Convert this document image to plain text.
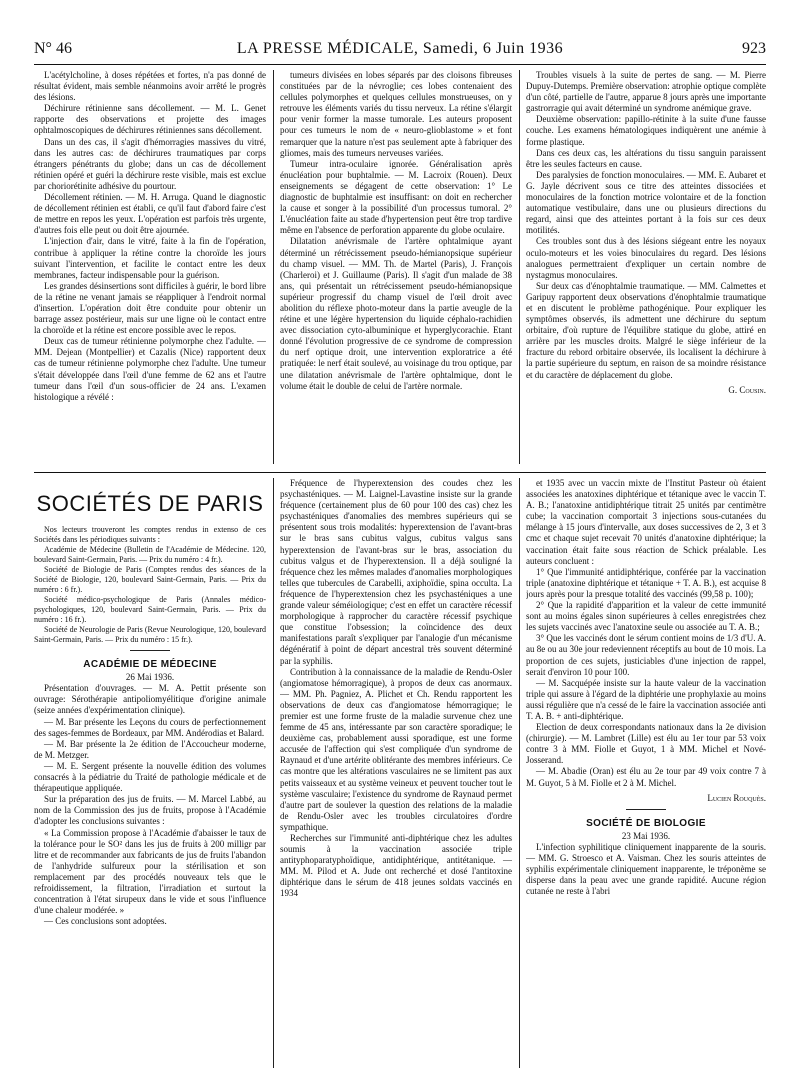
N° 46	LA PRESSE MÉDICALE, Samedi, 6 Juin 1936	923

L'acétylcholine, à doses répétées et fortes, n'a pas donné de résultat évident, mais semble néanmoins avoir arrêté le progrès des lésions.

Déchirure rétinienne sans décollement. — M. L. Genet rapporte des observations et projette des images ophtalmoscopiques de déchirures rétiniennes sans décollement.

Dans un des cas, il s'agit d'hémorragies massives du vitré, dans les autres cas: de déchirures traumatiques par corps étrangers pénétrants du globe; dans un cas de décollement rétinien opéré et guéri la déchirure reste visible, mais est exclue par choriorétinite adhésive du pourtour.

Décollement rétinien. — M. H. Arruga. Quand le diagnostic de décollement rétinien est établi, ce qu'il faut d'abord faire c'est de mettre en repos les yeux. L'opération est parfois très urgente, d'autres fois elle peut ou doit être ajournée.

L'injection d'air, dans le vitré, faite à la fin de l'opération, contribue à appliquer la rétine contre la choroïde les jours suivant l'intervention, et facilite le contact entre les deux membranes, facteur indispensable pour la guérison.

Les grandes désinsertions sont difficiles à guérir, le bord libre de la rétine ne venant jamais se réappliquer à l'endroit normal d'insertion. L'opération doit être conduite pour obtenir un barrage assez postérieur, mais sur une ligne où le contact entre la choroïde et la rétine est encore possible avec le repos.

Deux cas de tumeur rétinienne polymorphe chez l'adulte. — MM. Dejean (Montpellier) et Cazalis (Nice) rapportent deux cas de tumeur rétinienne polymorphe chez l'adulte. Une tumeur s'était développée dans l'œil d'une femme de 62 ans et l'autre tumeur dans l'œil d'un sous-officier de 24 ans. L'examen histologique a révélé :

tumeurs divisées en lobes séparés par des cloisons fibreuses constituées par de la névroglie; ces lobes contenaient des cellules polymorphes et quelques cellules monstrueuses, on y retrouve les éléments variés du tissu nerveux. La rétine s'élargit pour venir former la masse tumorale. Les auteurs proposent pour ces tumeurs le nom de « neuro-glioblastome » et font remarquer que la nature n'est pas seulement apte à fabriquer des gliomes, mais des tumeurs nerveuses variées.

Tumeur intra-oculaire ignorée. Généralisation après énucléation pour buphtalmie. — M. Lacroix (Rouen). Deux enseignements se dégagent de cette observation: 1° Le diagnostic de buphtalmie est insuffisant: on doit en rechercher la cause et songer à la possibilité d'un processus tumoral. 2° L'énucléation faite au stade d'hypertension peut être trop tardive même en l'absence de perforation apparente du globe oculaire.

Dilatation anévrismale de l'artère ophtalmique ayant déterminé un rétrécissement pseudo-hémianopsique supérieur du champ visuel. — MM. Th. de Martel (Paris), J. François (Charleroi) et J. Guillaume (Paris). Il s'agit d'un malade de 38 ans, qui présentait un rétrécissement pseudo-hémianopsique supérieur progressif du champ visuel de l'œil droit avec abolition du réflexe photo-moteur dans la partie aveugle de la rétine et une légère hypertension du liquide céphalo-rachidien avec dissociation cyto-albuminique et hyperglycorachie. Etant donné l'évolution progressive de ce syndrome de compression du nerf optique droit, une intervention exploratrice a été pratiquée: le nerf était soulevé, au voisinage du trou optique, par une dilatation anévrismale de l'artère ophtalmique, dont le volume était le double de celui de l'artère normale.

Troubles visuels à la suite de pertes de sang. — M. Pierre Dupuy-Dutemps. Première observation: atrophie optique complète d'un côté, partielle de l'autre, apparue 8 jours après une importante gastrorragie qui avait déterminé un syndrome anémique grave.

Deuxième observation: papillo-rétinite à la suite d'une fausse couche. Les examens hématologiques indiquèrent une anémie à forme plastique.

Dans ces deux cas, les altérations du tissu sanguin paraissent être les seules facteurs en cause.

Des paralysies de fonction monoculaires. — MM. E. Aubaret et G. Jayle décrivent sous ce titre des atteintes dissociées et monoculaires de la fonction motrice volontaire et de la fonction automatique vestibulaire, dans une ou plusieurs directions du regard, ainsi que des atteintes portant à la fois sur ces deux motilités.

Ces troubles sont dus à des lésions siégeant entre les noyaux oculo-moteurs et les voies binoculaires du regard. Des lésions analogues permettraient d'expliquer un certain nombre de nystagmus monoculaires.

Sur deux cas d'énophtalmie traumatique. — MM. Calmettes et Garipuy rapportent deux observations d'énophtalmie traumatique et en discutent le problème pathogénique. Pour expliquer les symptômes observés, ils admettent une déchirure du septum orbitaire, d'où rupture de l'équilibre statique du globe, attiré en arrière par les muscles droits. Malgré le siège inférieur de la fracture du rebord orbitaire observée, ils localisent la déchirure à la partie supérieure du septum, en raison de sa moindre résistance et du caractère de déplacement du globe.

G. Cousin.
SOCIÉTÉS DE PARIS

Nos lecteurs trouveront les comptes rendus in extenso de ces Sociétés dans les périodiques suivants :

Académie de Médecine (Bulletin de l'Académie de Médecine. 120, boulevard Saint-Germain, Paris. — Prix du numéro : 4 fr.).

Société de Biologie de Paris (Comptes rendus des séances de la Société de Biologie, 120, boulevard Saint-Germain, Paris. — Prix du numéro : 6 fr.).

Société médico-psychologique de Paris (Annales médico-psychologiques, 120, boulevard Saint-Germain, Paris. — Prix du numéro : 16 fr.).

Société de Neurologie de Paris (Revue Neurologique, 120, boulevard Saint-Germain, Paris. — Prix du numéro : 15 fr.).

ACADÉMIE DE MÉDECINE

26 Mai 1936.

Présentation d'ouvrages. — M. A. Pettit présente son ouvrage: Sérothérapie antipoliomyélitique d'origine animale (seize années d'expérimentation clinique).

— M. Bar présente les Leçons du cours de perfectionnement des sages-femmes de Bordeaux, par MM. Andérodias et Balard.

— M. Bar présente la 2e édition de l'Accoucheur moderne, de M. Metzger.

— M. E. Sergent présente la nouvelle édition des volumes consacrés à la pédiatrie du Traité de pathologie médicale et de thérapeutique appliquée.

Sur la préparation des jus de fruits. — M. Marcel Labbé, au nom de la Commission des jus de fruits, propose à l'Académie d'adopter les conclusions suivantes :

« La Commission propose à l'Académie d'abaisser le taux de la tolérance pour le SO² dans les jus de fruits à 200 milligr par litre et de recommander aux fabricants de jus de fruits l'abandon de l'anhydride sulfureux pour la stérilisation et son remplacement par des procédés nouveaux tels que le refroidissement, la filtration, l'irradiation et surtout la concentration à l'état sirupeux dans le vide et sous l'influence d'une chaleur modérée. »

— Ces conclusions sont adoptées.

Fréquence de l'hyperextension des coudes chez les psychasténiques. — M. Laignel-Lavastine insiste sur la grande fréquence (certainement plus de 60 pour 100 des cas) chez les psychasténiques d'anomalies des membres supérieurs qui se présentent sous trois modalités: hyperextension de l'avant-bras sur le bras sans cubitus valgus, cubitus valgus sans hyperextension de l'avant-bras sur le bras, association du cubitus valgus et de l'hyperextension. Il a déjà souligné la fréquence chez les mêmes malades d'anomalies morphologiques telles que tubercules de Carabelli, axiphoïdie, spina occulta. La fréquence de l'hyperextension chez les psychasténiques a une grande valeur séméiologique; c'est en effet un caractère récessif morphologique à rapprocher du caractère récessif psychique que constitue l'obsession; la coïncidence des deux manifestations paraît s'expliquer par l'analogie d'un mécanisme dégénératif à point de départ ancestral très souvent déterminé par la syphilis.

Contribution à la connaissance de la maladie de Rendu-Osler (angiomatose hémorragique), à propos de deux cas anormaux. — MM. Ph. Pagniez, A. Plichet et Ch. Rendu rapportent les observations de deux cas d'angiomatose hémorragique; le premier est une forme fruste de la maladie survenue chez une femme de 45 ans, intéressante par son caractère sporadique; le deuxième cas, probablement aussi sporadique, est une forme accusée de l'affection qui s'est compliquée d'un syndrome de Raynaud et d'une artérite oblitérante des membres inférieurs. Ce cas montre que les altérations vasculaires ne se limitent pas aux petits vaisseaux et au système veineux et peuvent toucher tout le système vasculaire; l'existence du syndrome de Raynaud permet d'autre part de soulever la question des relations de la maladie de Rendu-Osler avec les troubles circulatoires d'ordre sympathique.

Recherches sur l'immunité anti-diphtérique chez les adultes soumis à la vaccination associée triple antityphoparatyphoïdique, antidiphtérique, antitétanique. — MM. M. Pilod et A. Jude ont recherché et dosé l'antitoxine diphtérique dans le sérum de 418 jeunes soldats vaccinés en 1934

et 1935 avec un vaccin mixte de l'Institut Pasteur où étaient associées les anatoxines diphtérique et tétanique avec le vaccin T. A. B.; l'anatoxine antidiphtérique titrait 25 unités par centimètre cube; la vaccination comportait 3 injections sous-cutanées du mélange à 15 jours d'intervalle, aux doses successives de 2, 3 et 3 cmc et chaque sujet recevait 70 unités d'anatoxine diphtérique; la vaccination était faite sous réaction de Schick préalable. Les auteurs concluent :

1° Que l'immunité antidiphtérique, conférée par la vaccination triple (anatoxine diphtérique et tétanique + T. A. B.), est acquise 8 jours après pour la presque totalité des vaccinés (99,58 p. 100);

2° Que la rapidité d'apparition et la valeur de cette immunité sont au moins égales sinon supérieures à celles enregistrées chez les sujets vaccinés avec l'anatoxine seule ou associée au T. A. B.;

3° Que les vaccinés dont le sérum contient moins de 1/3 d'U. A. au 8e ou au 30e jour redeviennent réceptifs au bout de 10 mois. La proportion de ces sujets, justiciables d'une injection de rappel, serait d'environ 10 pour 100.

— M. Sacquépée insiste sur la haute valeur de la vaccination triple qui assure à l'égard de la diphtérie une prophylaxie au moins aussi régulière que n'a cessé de le faire la vaccination associée anti T. A. B. + anti-diphtérique.

Election de deux correspondants nationaux dans la 2e division (chirurgie). — M. Lambret (Lille) est élu au 1er tour par 53 voix contre 3 à MM. Fiolle et Guyot, 1 à MM. Michel et Nové-Josserand.

— M. Abadie (Oran) est élu au 2e tour par 49 voix contre 7 à M. Guyot, 5 à M. Fiolle et 2 à M. Michel.

Lucien Rouquès.
SOCIÉTÉ DE BIOLOGIE

23 Mai 1936.

L'infection syphilitique cliniquement inapparente de la souris. — MM. G. Stroesco et A. Vaisman. Chez les souris atteintes de syphilis expérimentale cliniquement inapparente, le tréponème se disperse dans la peau avec une grande rapidité. Aucune région cutanée ne reste à l'abri
